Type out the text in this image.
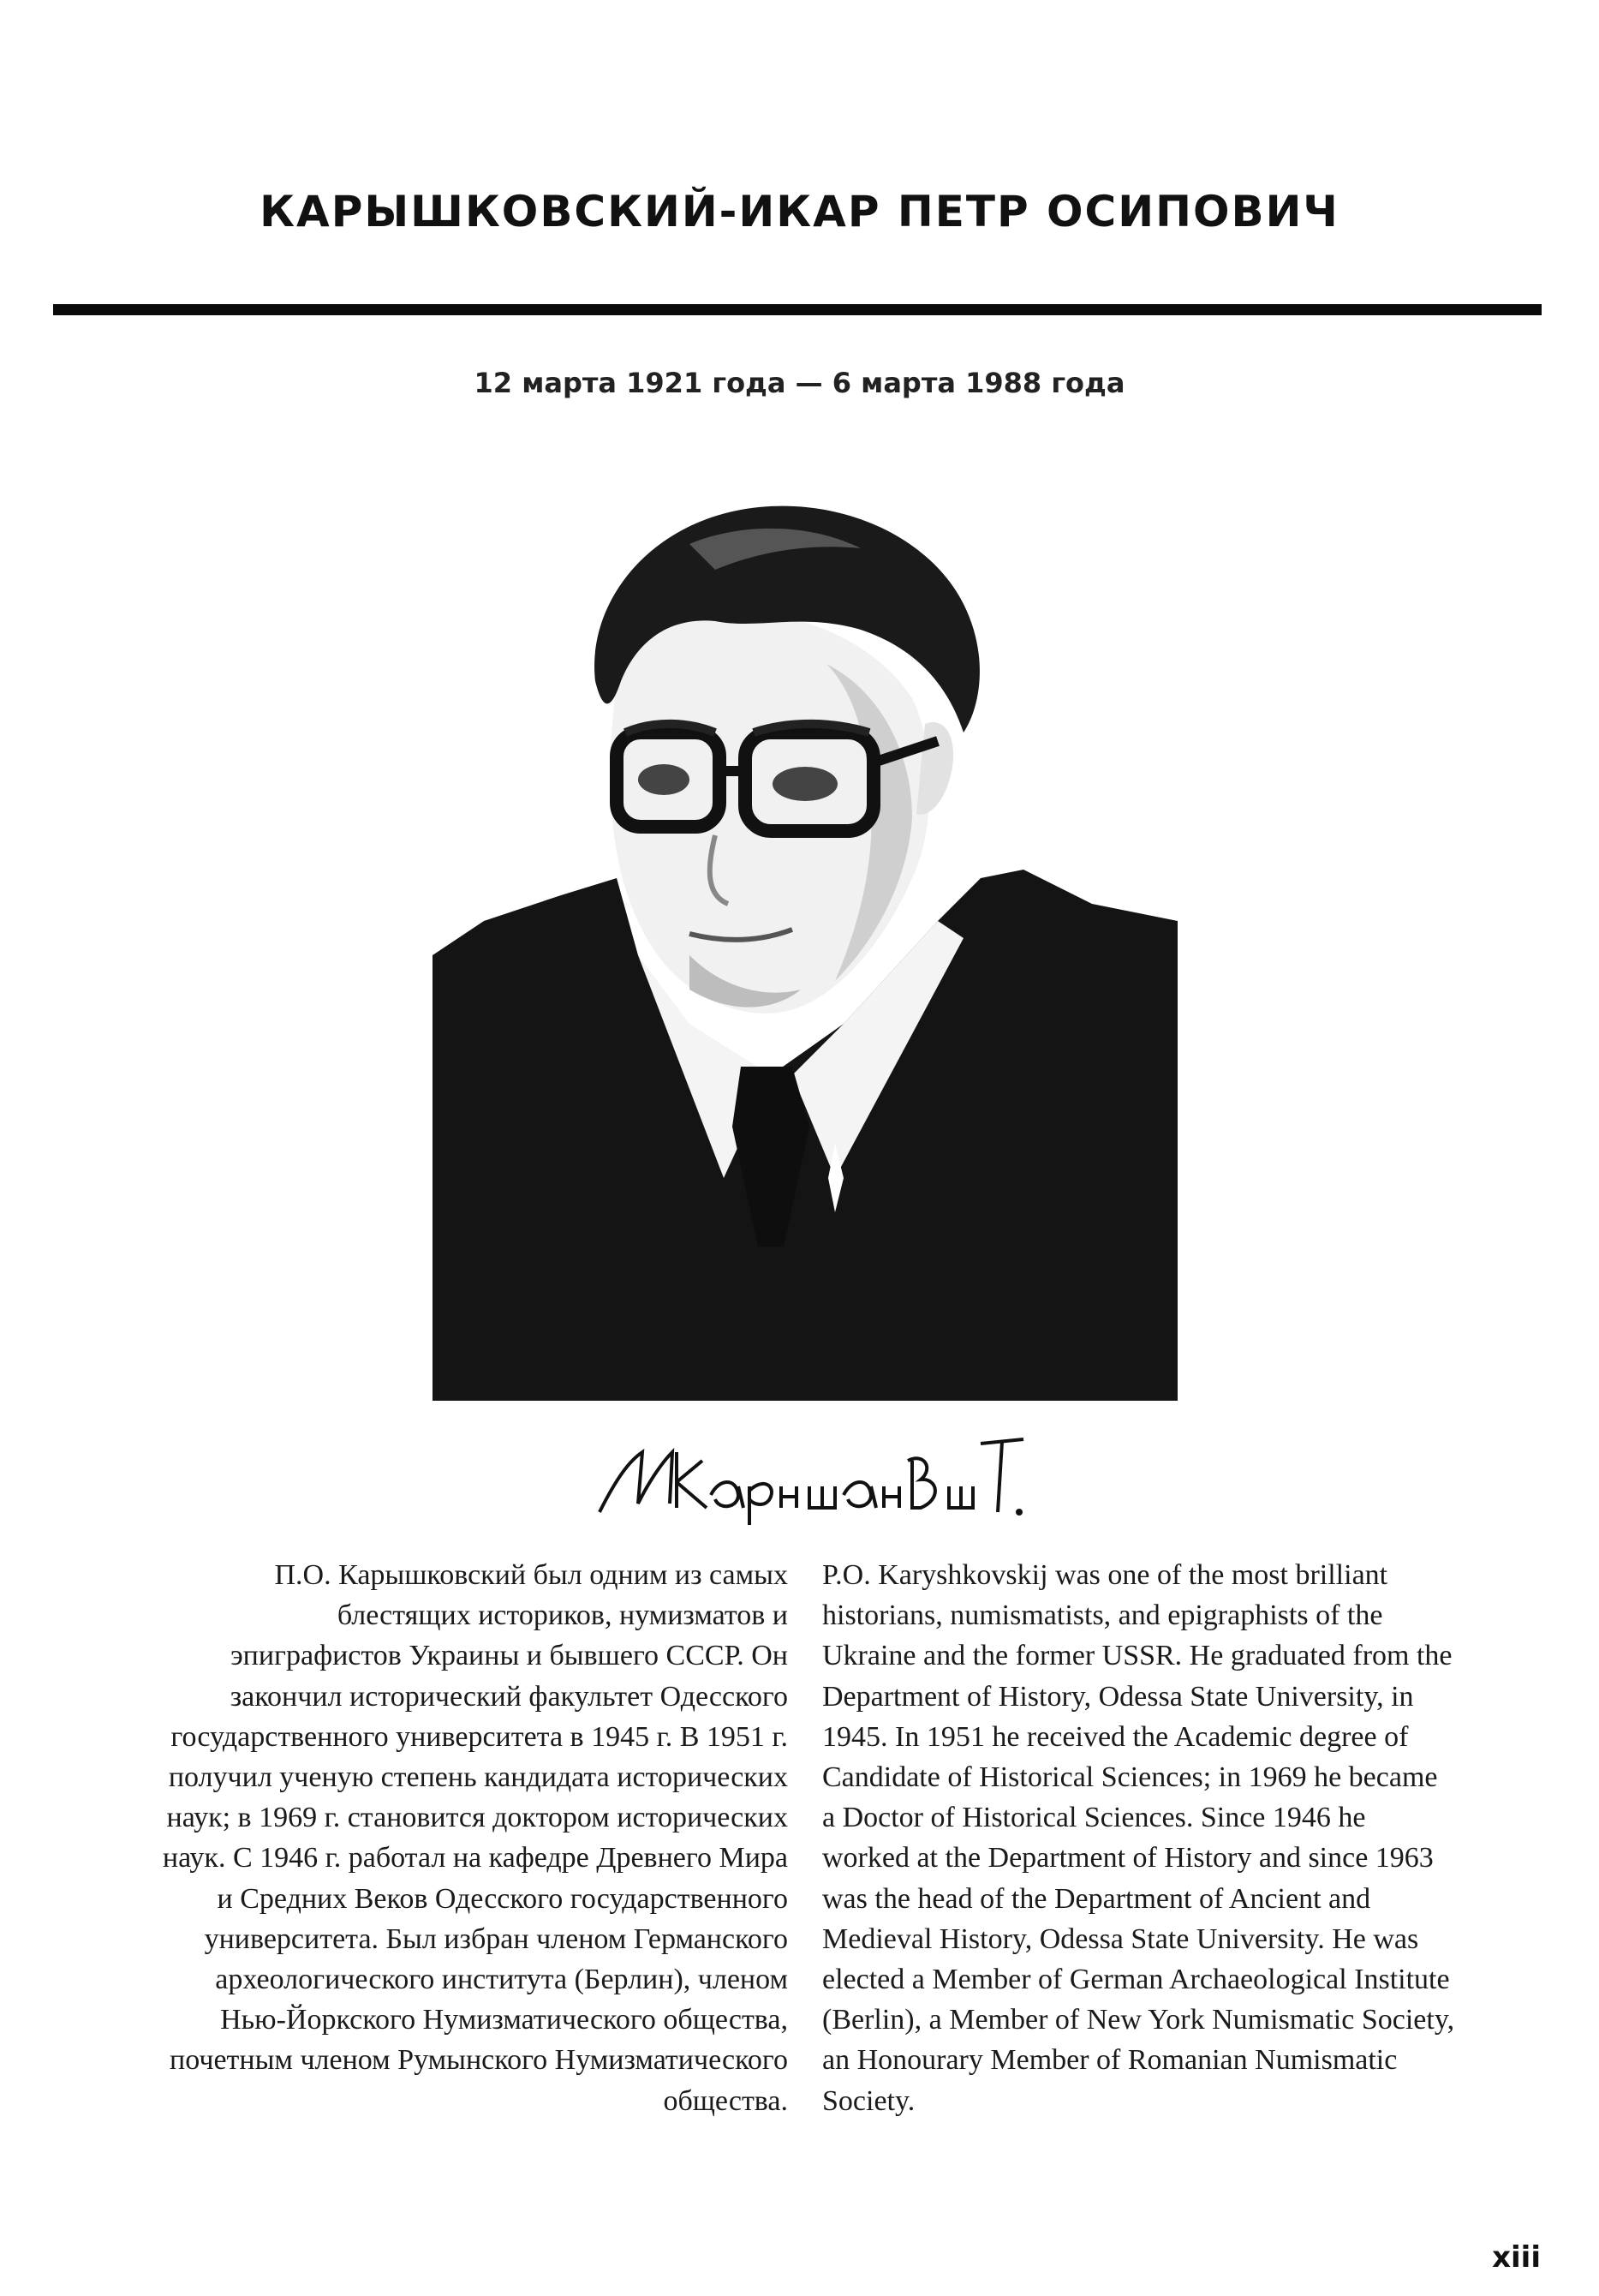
КАРЫШКОВСКИЙ-ИКАР ПЕТР ОСИПОВИЧ
12 марта 1921 года — 6 марта 1988 года
П.О. Карышковский был одним из самых
блестящих историков, нумизматов и
эпиграфистов Украины и бывшего СССР. Он
закончил исторический факультет Одесского
государственного университета в 1945 г. В 1951 г.
получил ученую степень кандидата исторических
наук; в 1969 г. становится доктором исторических
наук. С 1946 г. работал на кафедре Древнего Мира
и Средних Веков Одесского государственного
университета. Был избран членом Германского
археологического института (Берлин), членом
Нью-Йоркского Нумизматического общества,
почетным членом Румынского Нумизматического
общества.
P.O. Karyshkovskij was one of the most brilliant
historians, numismatists, and epigraphists of the
Ukraine and the former USSR. He graduated from the
Department of History, Odessa State University, in
1945. In 1951 he received the Academic degree of
Candidate of Historical Sciences; in 1969 he became
a Doctor of Historical Sciences. Since 1946 he
worked at the Department of History and since 1963
was the head of the Department of Ancient and
Medieval History, Odessa State University. He was
elected a Member of German Archaeological Institute
(Berlin), a Member of New York Numismatic Society,
an Honourary Member of Romanian Numismatic
Society.
xiii
